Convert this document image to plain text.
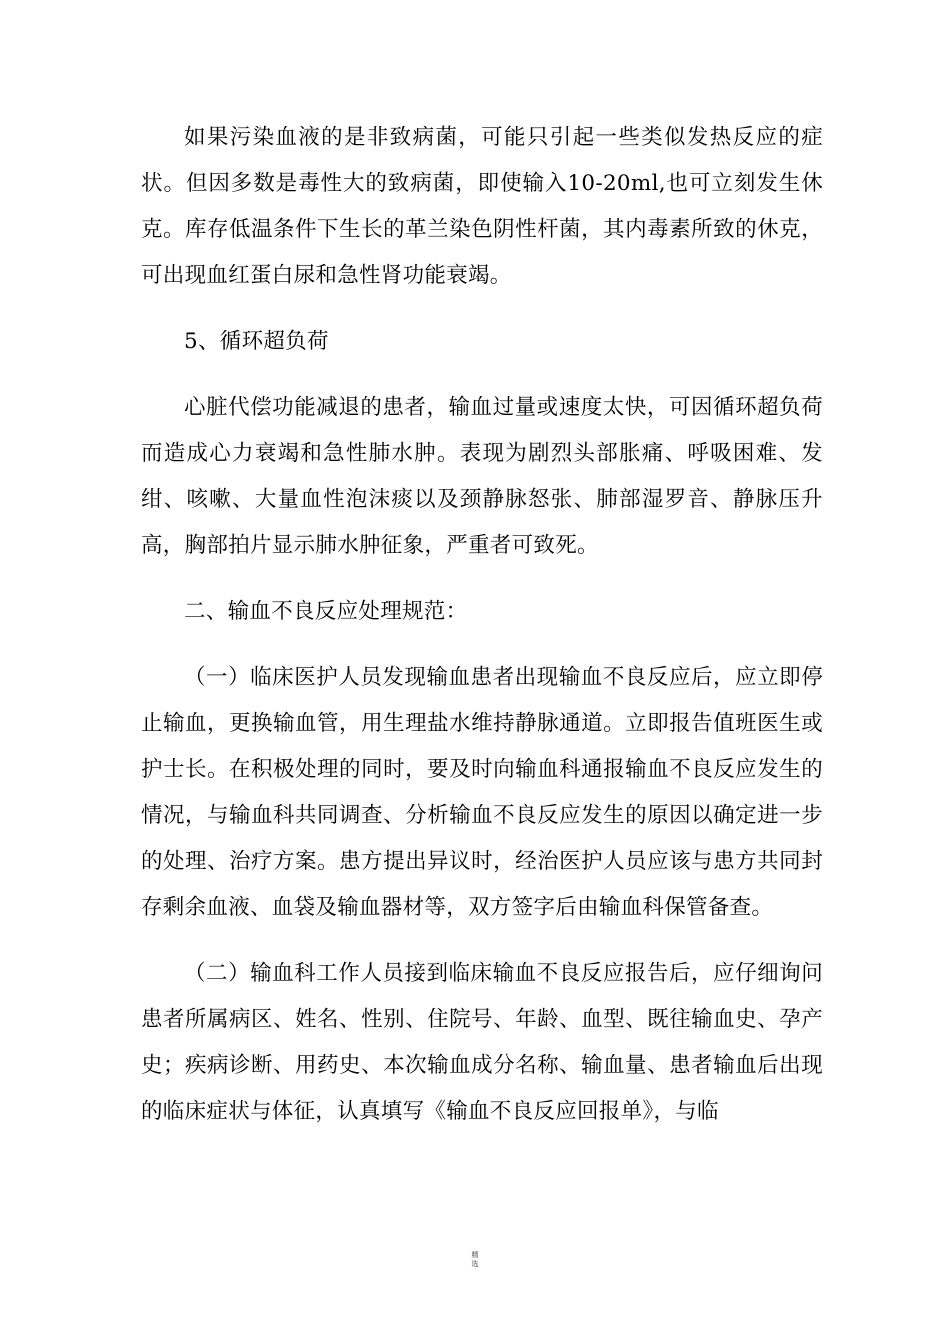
如果污染血液的是非致病菌，可能只引起一些类似发热反应的症状。但因多数是毒性大的致病菌，即使输入10-20ml,也可立刻发生休克。库存低温条件下生长的革兰染色阴性杆菌，其内毒素所致的休克，可出现血红蛋白尿和急性肾功能衰竭。

5、循环超负荷

心脏代偿功能减退的患者，输血过量或速度太快，可因循环超负荷而造成心力衰竭和急性肺水肿。表现为剧烈头部胀痛、呼吸困难、发绀、咳嗽、大量血性泡沫痰以及颈静脉怒张、肺部湿罗音、静脉压升高，胸部拍片显示肺水肿征象，严重者可致死。

二、输血不良反应处理规范：

（一）临床医护人员发现输血患者出现输血不良反应后，应立即停止输血，更换输血管，用生理盐水维持静脉通道。立即报告值班医生或护士长。在积极处理的同时，要及时向输血科通报输血不良反应发生的情况，与输血科共同调查、分析输血不良反应发生的原因以确定进一步的处理、治疗方案。患方提出异议时，经治医护人员应该与患方共同封存剩余血液、血袋及输血器材等，双方签字后由输血科保管备查。

（二）输血科工作人员接到临床输血不良反应报告后，应仔细询问患者所属病区、姓名、性别、住院号、年龄、血型、既往输血史、孕产史；疾病诊断、用药史、本次输血成分名称、输血量、患者输血后出现的临床症状与体征，认真填写《输血不良反应回报单》，与临

精选
